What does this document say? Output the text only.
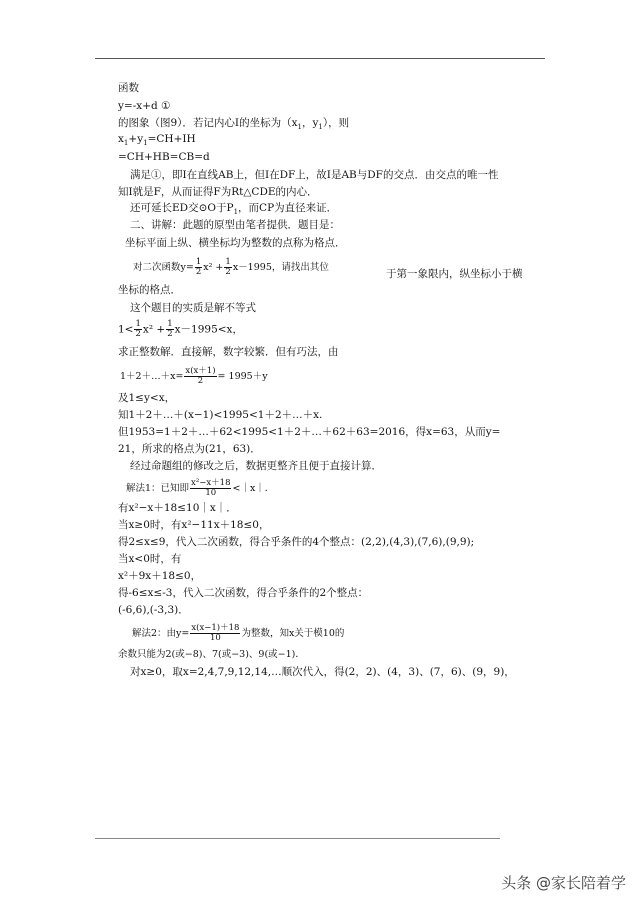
函数
y=-x+d ①
的图象（图9）．若记内心I的坐标为（$x_1$，$y_1$），则
$x_1+y_1=CH+IH$
=CH+HB=CB=d
满足①，即I在直线AB上，但I在DF上，故I是AB与DF的交点．由交点的唯一性
知I就是F，从而证得F为Rt△CDE的内心．
还可延长ED交⊙O于$P_1$，而CP为直径来证．
二、讲解：此题的原型由笔者提供．题目是：
坐标平面上纵、横坐标均为整数的点称为格点．
对二次函数$y= \frac{1}{2} x^2 + \frac{1}{2} x-1995$，请找出其位
于第一象限内，纵坐标小于横
坐标的格点．
这个题目的实质是解不等式
$1< \frac{1}{2} x^2 + \frac{1}{2} x-1995<x$，
求正整数解．直接解，数字较繁．但有巧法，由
1＋2＋…＋x= $\frac{x(x+1)}{2} = 1995+y$
及1≤y<x，
知1＋2＋…＋(x−1)<1995<1＋2＋…＋x.
但1953=1＋2＋…＋62<1995<1＋2＋…＋62＋63=2016，得x=63，从而y=
21，所求的格点为(21，63)．
经过命题组的修改之后，数据更整齐且便于直接计算．
解法1：已知即 $\frac{\text{x²−x＋18}}{10}$ <｜x｜．
有x²−x＋18≤10｜x｜．
当x≥0时，有x²−11x＋18≤0，
得2≤x≤9，代入二次函数，得合乎条件的4个整点：(2,2),(4,3),(7,6),(9,9);
当x<0时，有
x²＋9x＋18≤0，
得-6≤x≤-3，代入二次函数，得合乎条件的2个整点：
(-6,6),(-3,3)．
解法2：由$y= \frac{x(x-1)+18}{10}$ 为整数，知x关于模10的
余数只能为2(或−8)、7(或−3)、9(或−1)．
对x≥0，取x=2,4,7,9,12,14,…顺次代入，得(2，2)、(4，3)、(7，6)、(9，9)，
头条 @家长陪着学
